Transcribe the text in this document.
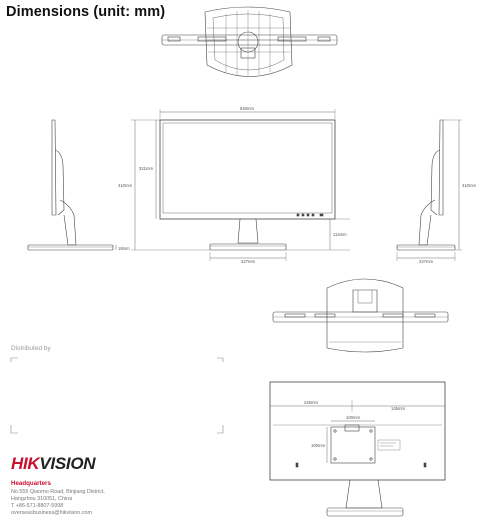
Dimensions (unit: mm)
540mm
321mm
410mm
227mm
114mm
18mm
410mm
227mm
225mm
145mm
100mm
100mm
Distributed by
HIKVISION
Headquarters
No.555 Qianmo Road, Binjiang District,
Hangzhou 310051, China
T +86-571-8807-5998
overseasbusiness@hikvision.com
